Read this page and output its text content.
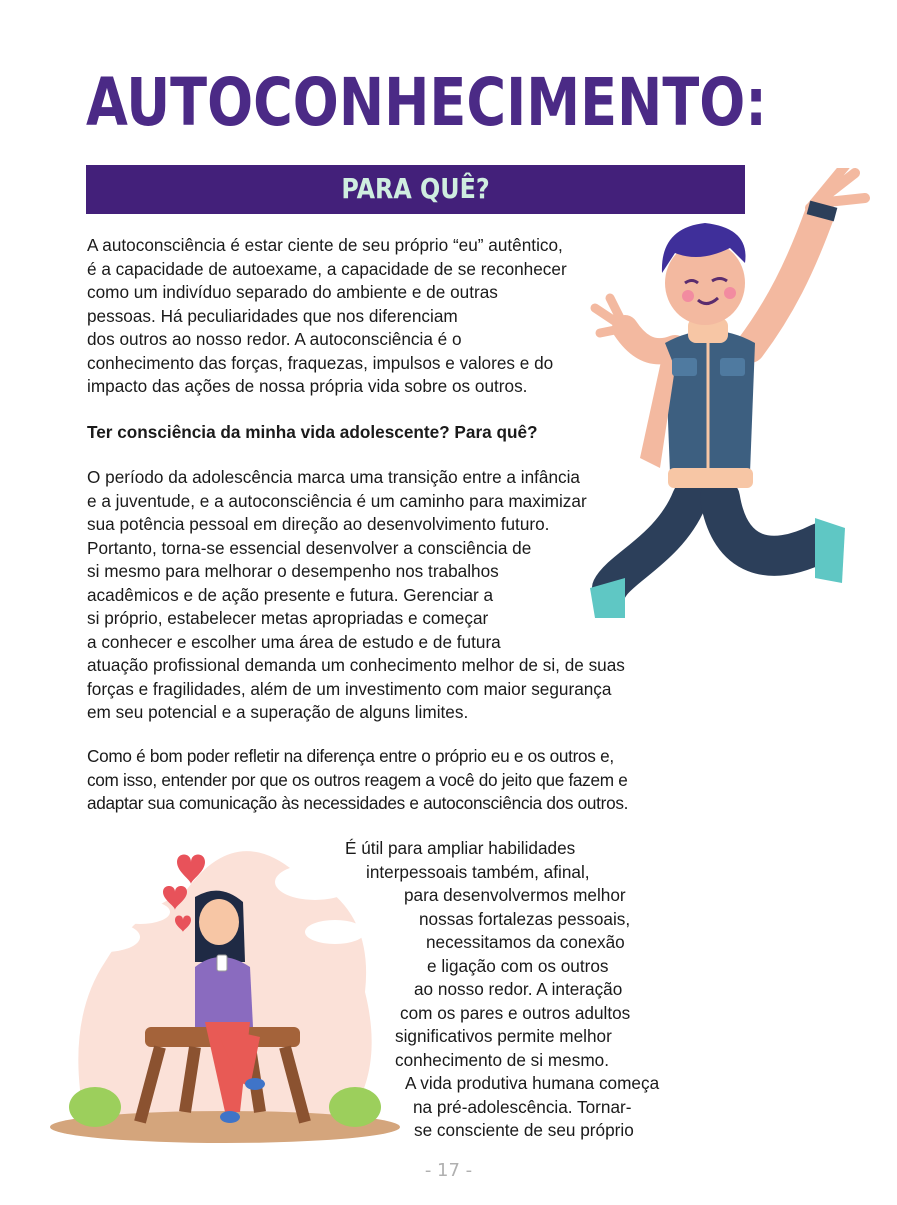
AUTOCONHECIMENTO:
PARA QUÊ?
A autoconsciência é estar ciente de seu próprio “eu” autêntico,
é a capacidade de autoexame, a capacidade de se reconhecer
como um indivíduo separado do ambiente e de outras
pessoas. Há peculiaridades que nos diferenciam
dos outros ao nosso redor. A autoconsciência é o
conhecimento das forças, fraquezas, impulsos e valores e do
impacto das ações de nossa própria vida sobre os outros.
Ter consciência da minha vida adolescente? Para quê?
O período da adolescência marca uma transição entre a infância
e a juventude, e a autoconsciência é um caminho para maximizar
sua potência pessoal em direção ao desenvolvimento futuro.
Portanto, torna-se essencial desenvolver a consciência de
si mesmo para melhorar o desempenho nos trabalhos
acadêmicos e de ação presente e futura. Gerenciar a
si próprio, estabelecer metas apropriadas e começar
a conhecer e escolher uma área de estudo e de futura
atuação profissional demanda um conhecimento melhor de si, de suas
forças e fragilidades, além de um investimento com maior segurança
em seu potencial e a superação de alguns limites.
Como é bom poder refletir na diferença entre o próprio eu e os outros e,
com isso, entender por que os outros reagem a você do jeito que fazem e
adaptar sua comunicação às necessidades e autoconsciência dos outros.
É útil para ampliar habilidades
interpessoais também, afinal,
para desenvolvermos melhor
nossas fortalezas pessoais,
necessitamos da conexão
e ligação com os outros
ao nosso redor. A interação
com os pares e outros adultos
significativos permite melhor
conhecimento de si mesmo.
A vida produtiva humana começa
na pré-adolescência. Tornar-
se consciente de seu próprio
- 17 -
